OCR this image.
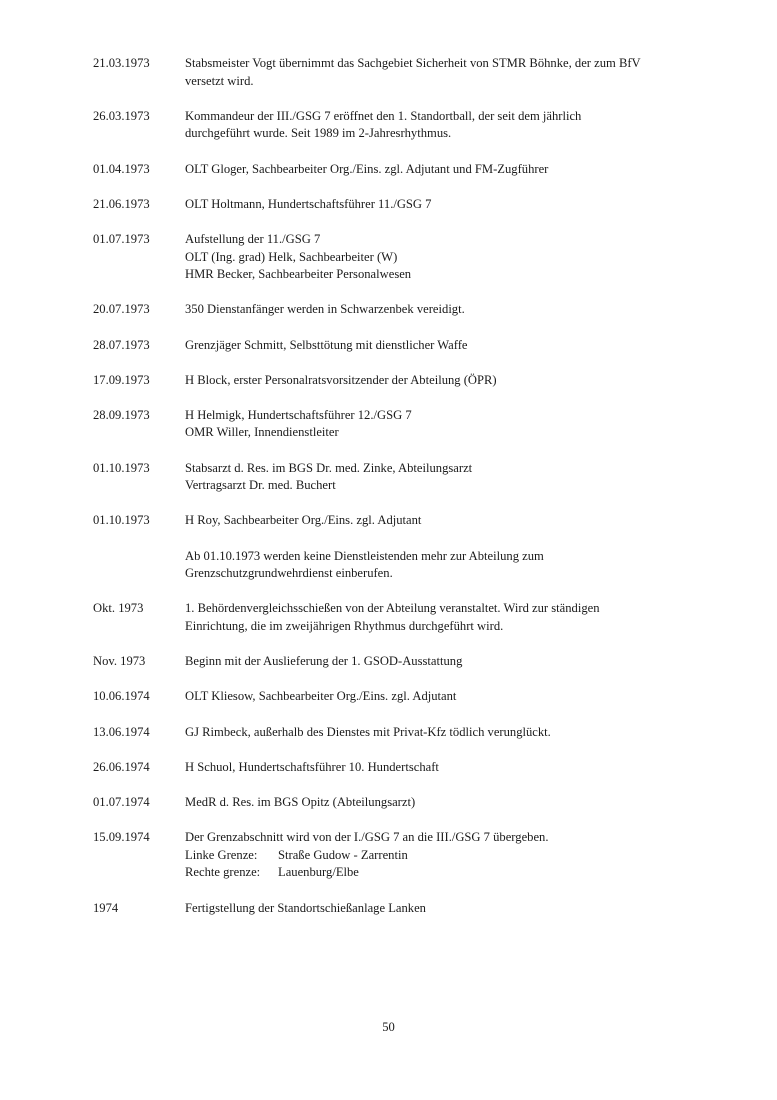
21.03.1973	Stabsmeister Vogt übernimmt das Sachgebiet Sicherheit von STMR Böhnke, der zum BfV
versetzt wird.
26.03.1973	Kommandeur der III./GSG 7 eröffnet den 1. Standortball, der seit dem jährlich
durchgeführt wurde. Seit 1989 im 2-Jahresrhythmus.
01.04.1973	OLT Gloger, Sachbearbeiter Org./Eins. zgl. Adjutant und FM-Zugführer
21.06.1973	OLT Holtmann, Hundertschaftsführer 11./GSG 7
01.07.1973	Aufstellung der 11./GSG 7
OLT (Ing. grad) Helk, Sachbearbeiter (W)
HMR Becker, Sachbearbeiter Personalwesen
20.07.1973	350 Dienstanfänger werden in Schwarzenbek vereidigt.
28.07.1973	Grenzjäger Schmitt, Selbsttötung mit dienstlicher Waffe
17.09.1973	H Block, erster Personalratsvorsitzender der Abteilung (ÖPR)
28.09.1973	H Helmigk, Hundertschaftsführer 12./GSG 7
OMR Willer, Innendienstleiter
01.10.1973	Stabsarzt d. Res. im BGS Dr. med. Zinke, Abteilungsarzt
Vertragsarzt Dr. med. Buchert
01.10.1973	H Roy, Sachbearbeiter Org./Eins. zgl. Adjutant
Ab 01.10.1973 werden keine Dienstleistenden mehr zur Abteilung zum
Grenzschutzgrundwehrdienst einberufen.
Okt. 1973	1. Behördenvergleichsschießen von der Abteilung veranstaltet. Wird zur ständigen
Einrichtung, die im zweijährigen Rhythmus durchgeführt wird.
Nov. 1973	Beginn mit der Auslieferung der 1. GSOD-Ausstattung
10.06.1974	OLT Kliesow, Sachbearbeiter Org./Eins. zgl. Adjutant
13.06.1974	GJ Rimbeck, außerhalb des Dienstes mit Privat-Kfz tödlich verunglückt.
26.06.1974	H Schuol, Hundertschaftsführer 10. Hundertschaft
01.07.1974	MedR d. Res. im BGS Opitz (Abteilungsarzt)
15.09.1974	Der Grenzabschnitt wird von der I./GSG 7 an die III./GSG 7 übergeben.
Linke Grenze: Straße Gudow - Zarrentin
Rechte grenze: Lauenburg/Elbe
1974	Fertigstellung der Standortschießanlage Lanken
50
